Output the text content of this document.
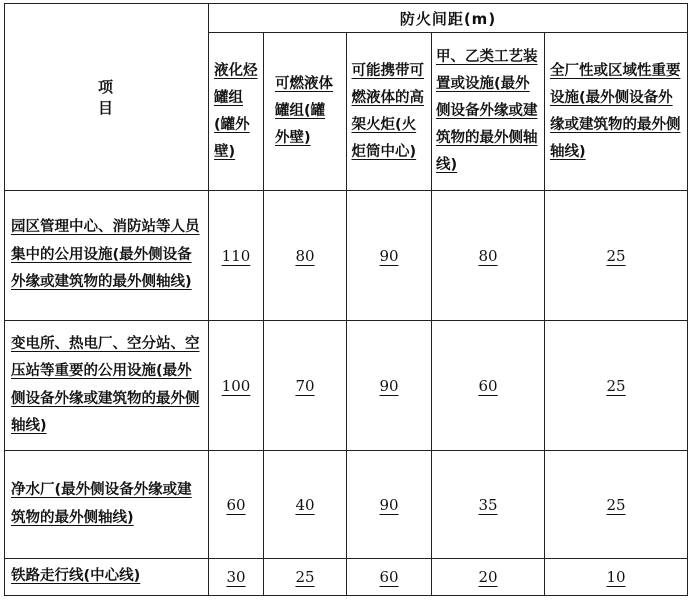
项　　目	防火间距(m)				
	液化烃罐组(罐外壁)	可燃液体罐组(罐外壁)	可能携带可燃液体的高架火炬(火炬筒中心)	甲、乙类工艺装置或设施(最外侧设备外缘或建筑物的最外侧轴线)	全厂性或区域性重要设施(最外侧设备外缘或建筑物的最外侧轴线)
园区管理中心、消防站等人员集中的公用设施(最外侧设备外缘或建筑物的最外侧轴线)	110	80	90	80	25
变电所、热电厂、空分站、空压站等重要的公用设施(最外侧设备外缘或建筑物的最外侧轴线)	100	70	90	60	25
净水厂(最外侧设备外缘或建筑物的最外侧轴线)	60	40	90	35	25
铁路走行线(中心线)	30	25	60	20	10
